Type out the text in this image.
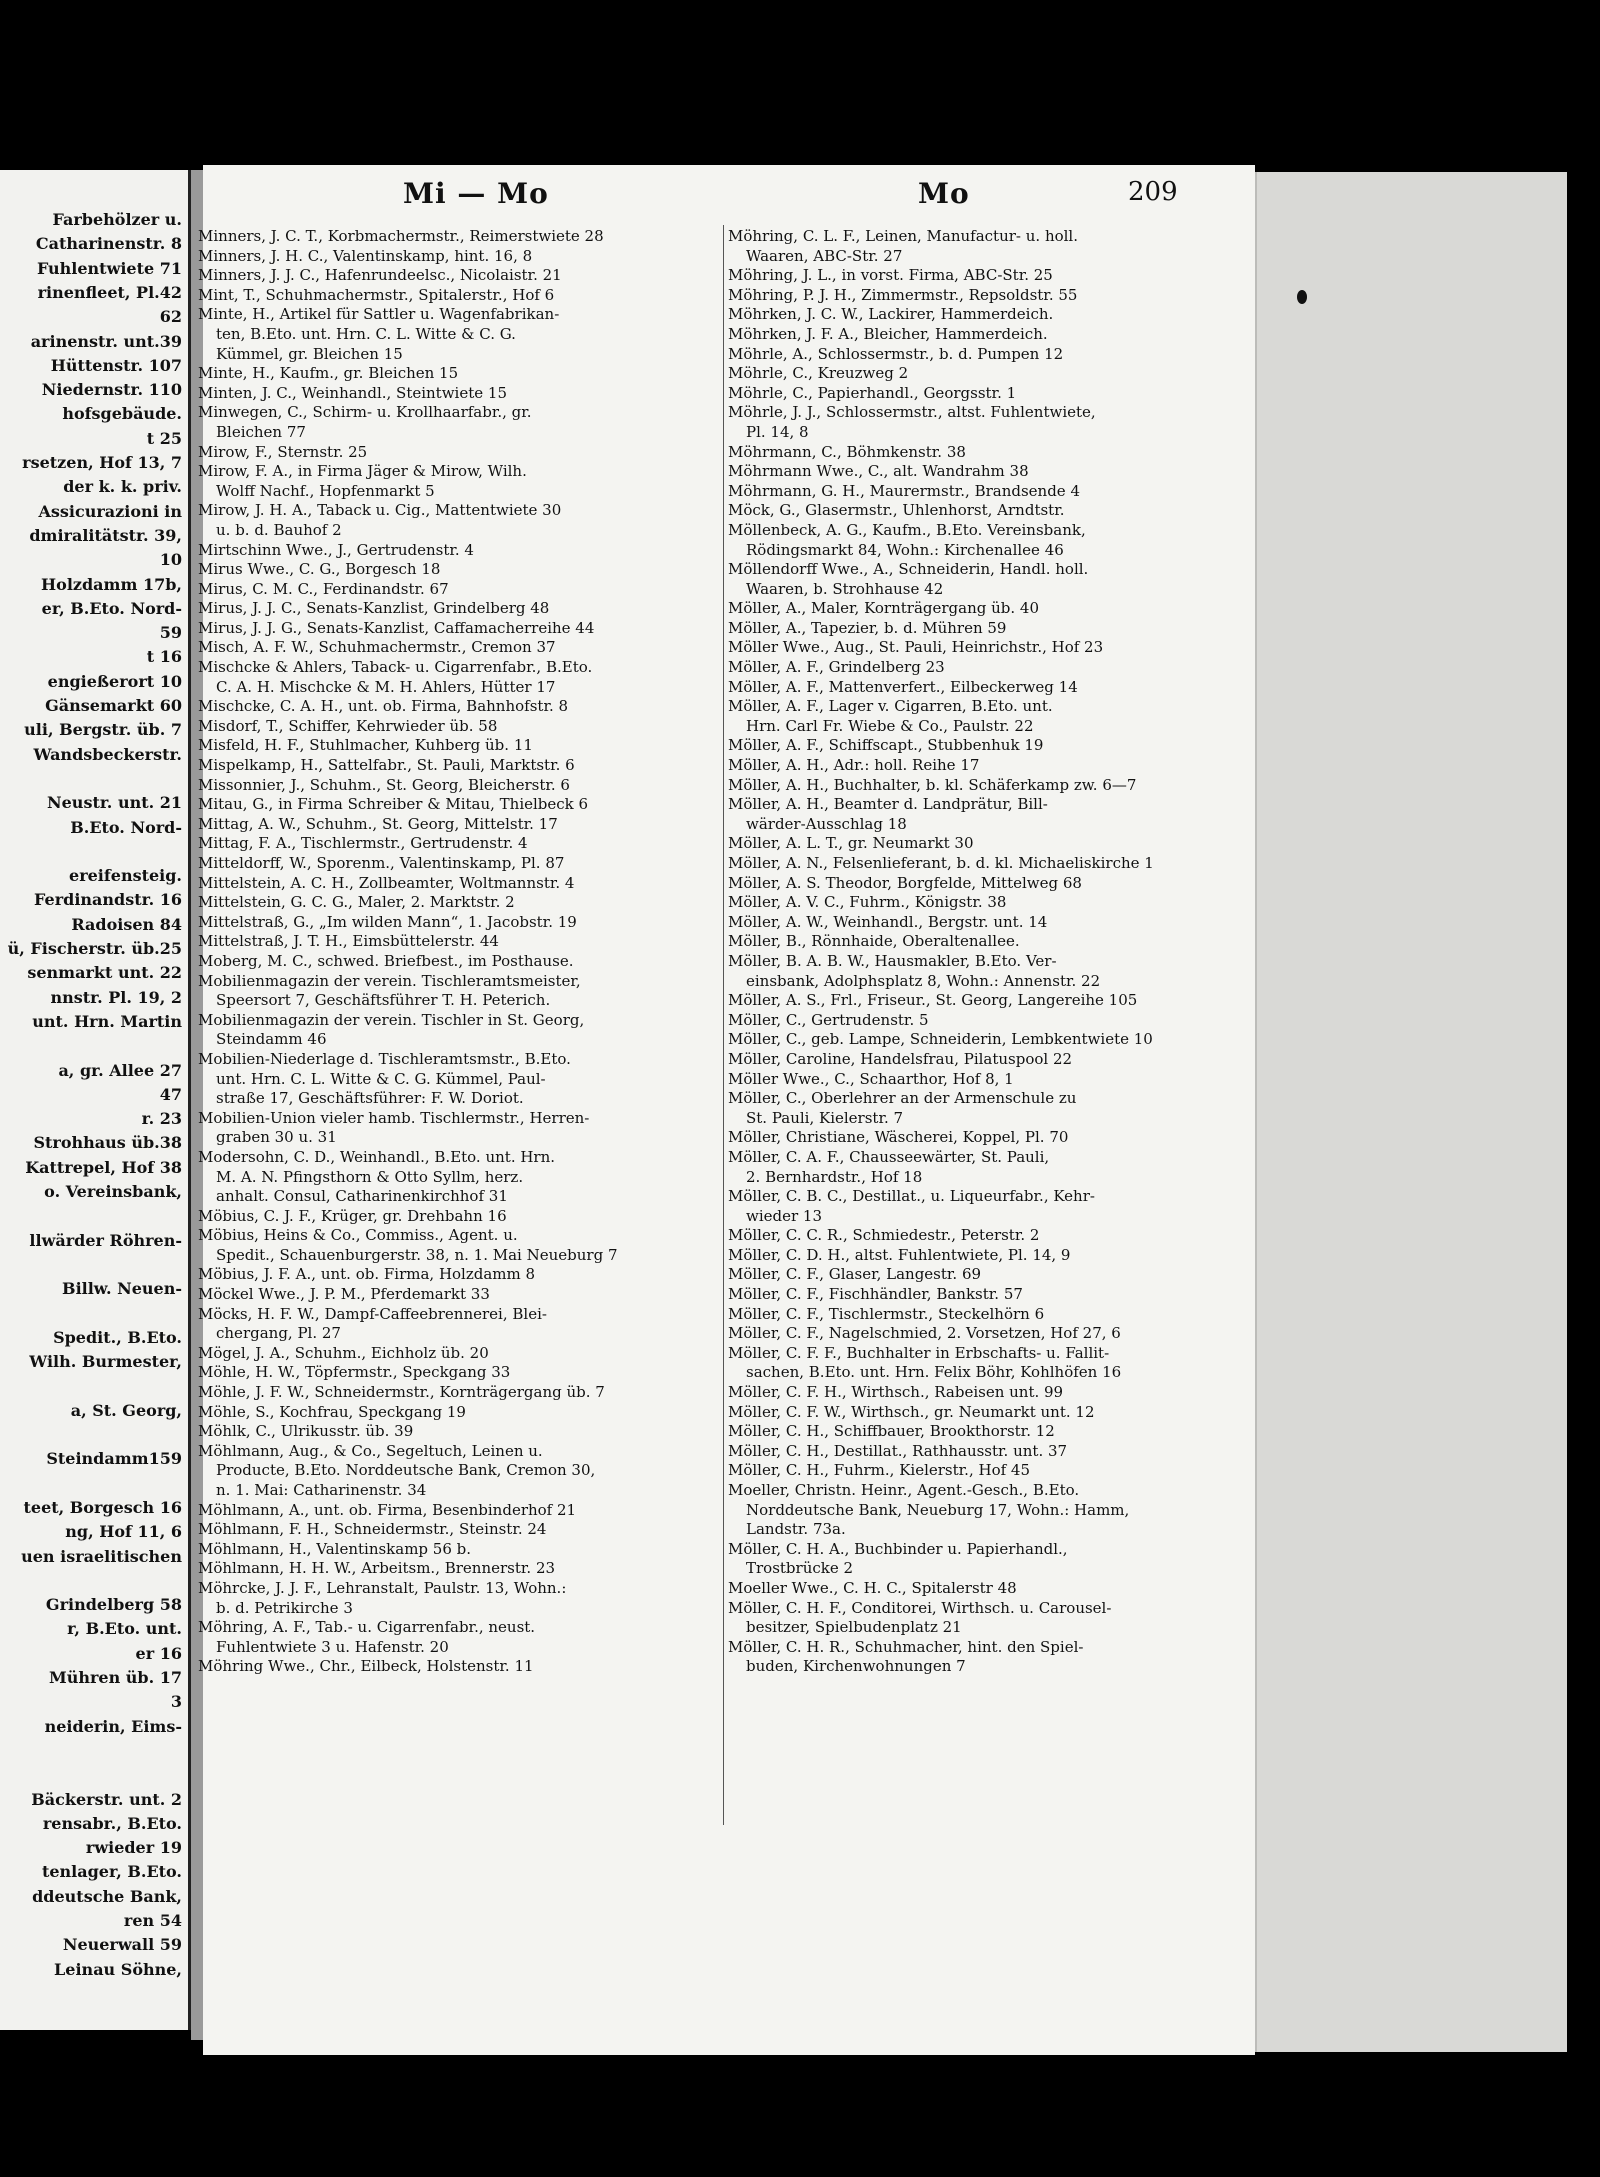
Farbehölzer u.
Catharinenstr. 8
Fuhlentwiete 71
rinenfleet, Pl.42
62
arinenstr. unt.39
Hüttenstr. 107
Niedernstr. 110
hofsgebäude.
t 25
rsetzen, Hof 13, 7
der k. k. priv.
Assicurazioni in
dmiralitätstr. 39,
10
Holzdamm 17b,
er, B.Eto. Nord-
59
t 16
engießerort 10
Gänsemarkt 60
uli, Bergstr. üb. 7
Wandsbeckerstr.
Neustr. unt. 21
B.Eto. Nord-
ereifensteig.
Ferdinandstr. 16
Radoisen 84
ü, Fischerstr. üb.25
senmarkt unt. 22
nnstr. Pl. 19, 2
unt. Hrn. Martin
a, gr. Allee 27
47
r. 23
Strohhaus üb.38
Kattrepel, Hof 38
o. Vereinsbank,
llwärder Röhren-
Billw. Neuen-
Spedit., B.Eto.
Wilh. Burmester,
a, St. Georg,
Steindamm159
teet, Borgesch 16
ng, Hof 11, 6
uen israelitischen
Grindelberg 58
r, B.Eto. unt.
er 16
Mühren üb. 17
3
neiderin, Eims-
Bäckerstr. unt. 2
rensabr., B.Eto.
rwieder 19
tenlager, B.Eto.
ddeutsche Bank,
ren 54
Neuerwall 59
Leinau Söhne,
Mi — Mo	Mo	209
Minners, J. C. T., Korbmachermstr., Reimerstwiete 28
Minners, J. H. C., Valentinskamp, hint. 16, 8
Minners, J. J. C., Hafenrundeelsc., Nicolaistr. 21
Mint, T., Schuhmachermstr., Spitalerstr., Hof 6
Minte, H., Artikel für Sattler u. Wagenfabrikan-
ten, B.Eto. unt. Hrn. C. L. Witte & C. G.
Kümmel, gr. Bleichen 15
Minte, H., Kaufm., gr. Bleichen 15
Minten, J. C., Weinhandl., Steintwiete 15
Minwegen, C., Schirm- u. Krollhaarfabr., gr.
Bleichen 77
Mirow, F., Sternstr. 25
Mirow, F. A., in Firma Jäger & Mirow, Wilh.
Wolff Nachf., Hopfenmarkt 5
Mirow, J. H. A., Taback u. Cig., Mattentwiete 30
u. b. d. Bauhof 2
Mirtschinn Wwe., J., Gertrudenstr. 4
Mirus Wwe., C. G., Borgesch 18
Mirus, C. M. C., Ferdinandstr. 67
Mirus, J. J. C., Senats-Kanzlist, Grindelberg 48
Mirus, J. J. G., Senats-Kanzlist, Caffamacherreihe 44
Misch, A. F. W., Schuhmachermstr., Cremon 37
Mischcke & Ahlers, Taback- u. Cigarrenfabr., B.Eto.
C. A. H. Mischcke & M. H. Ahlers, Hütter 17
Mischcke, C. A. H., unt. ob. Firma, Bahnhofstr. 8
Misdorf, T., Schiffer, Kehrwieder üb. 58
Misfeld, H. F., Stuhlmacher, Kuhberg üb. 11
Mispelkamp, H., Sattelfabr., St. Pauli, Marktstr. 6
Missonnier, J., Schuhm., St. Georg, Bleicherstr. 6
Mitau, G., in Firma Schreiber & Mitau, Thielbeck 6
Mittag, A. W., Schuhm., St. Georg, Mittelstr. 17
Mittag, F. A., Tischlermstr., Gertrudenstr. 4
Mitteldorff, W., Sporenm., Valentinskamp, Pl. 87
Mittelstein, A. C. H., Zollbeamter, Woltmannstr. 4
Mittelstein, G. C. G., Maler, 2. Marktstr. 2
Mittelstraß, G., „Im wilden Mann“, 1. Jacobstr. 19
Mittelstraß, J. T. H., Eimsbüttelerstr. 44
Moberg, M. C., schwed. Briefbest., im Posthause.
Mobilienmagazin der verein. Tischleramtsmeister,
Speersort 7, Geschäftsführer T. H. Peterich.
Mobilienmagazin der verein. Tischler in St. Georg,
Steindamm 46
Mobilien-Niederlage d. Tischleramtsmstr., B.Eto.
unt. Hrn. C. L. Witte & C. G. Kümmel, Paul-
straße 17, Geschäftsführer: F. W. Doriot.
Mobilien-Union vieler hamb. Tischlermstr., Herren-
graben 30 u. 31
Modersohn, C. D., Weinhandl., B.Eto. unt. Hrn.
M. A. N. Pfingsthorn & Otto Syllm, herz.
anhalt. Consul, Catharinenkirchhof 31
Möbius, C. J. F., Krüger, gr. Drehbahn 16
Möbius, Heins & Co., Commiss., Agent. u.
Spedit., Schauenburgerstr. 38, n. 1. Mai Neueburg 7
Möbius, J. F. A., unt. ob. Firma, Holzdamm 8
Möckel Wwe., J. P. M., Pferdemarkt 33
Möcks, H. F. W., Dampf-Caffeebrennerei, Blei-
chergang, Pl. 27
Mögel, J. A., Schuhm., Eichholz üb. 20
Möhle, H. W., Töpfermstr., Speckgang 33
Möhle, J. F. W., Schneidermstr., Kornträgergang üb. 7
Möhle, S., Kochfrau, Speckgang 19
Möhlk, C., Ulrikusstr. üb. 39
Möhlmann, Aug., & Co., Segeltuch, Leinen u.
Producte, B.Eto. Norddeutsche Bank, Cremon 30,
n. 1. Mai: Catharinenstr. 34
Möhlmann, A., unt. ob. Firma, Besenbinderhof 21
Möhlmann, F. H., Schneidermstr., Steinstr. 24
Möhlmann, H., Valentinskamp 56 b.
Möhlmann, H. H. W., Arbeitsm., Brennerstr. 23
Möhrcke, J. J. F., Lehranstalt, Paulstr. 13, Wohn.:
b. d. Petrikirche 3
Möhring, A. F., Tab.- u. Cigarrenfabr., neust.
Fuhlentwiete 3 u. Hafenstr. 20
Möhring Wwe., Chr., Eilbeck, Holstenstr. 11
Möhring, C. L. F., Leinen, Manufactur- u. holl.
Waaren, ABC-Str. 27
Möhring, J. L., in vorst. Firma, ABC-Str. 25
Möhring, P. J. H., Zimmermstr., Repsoldstr. 55
Möhrken, J. C. W., Lackirer, Hammerdeich.
Möhrken, J. F. A., Bleicher, Hammerdeich.
Möhrle, A., Schlossermstr., b. d. Pumpen 12
Möhrle, C., Kreuzweg 2
Möhrle, C., Papierhandl., Georgsstr. 1
Möhrle, J. J., Schlossermstr., altst. Fuhlentwiete,
Pl. 14, 8
Möhrmann, C., Böhmkenstr. 38
Möhrmann Wwe., C., alt. Wandrahm 38
Möhrmann, G. H., Maurermstr., Brandsende 4
Möck, G., Glasermstr., Uhlenhorst, Arndtstr.
Möllenbeck, A. G., Kaufm., B.Eto. Vereinsbank,
Rödingsmarkt 84, Wohn.: Kirchenallee 46
Möllendorff Wwe., A., Schneiderin, Handl. holl.
Waaren, b. Strohhause 42
Möller, A., Maler, Kornträgergang üb. 40
Möller, A., Tapezier, b. d. Mühren 59
Möller Wwe., Aug., St. Pauli, Heinrichstr., Hof 23
Möller, A. F., Grindelberg 23
Möller, A. F., Mattenverfert., Eilbeckerweg 14
Möller, A. F., Lager v. Cigarren, B.Eto. unt.
Hrn. Carl Fr. Wiebe & Co., Paulstr. 22
Möller, A. F., Schiffscapt., Stubbenhuk 19
Möller, A. H., Adr.: holl. Reihe 17
Möller, A. H., Buchhalter, b. kl. Schäferkamp zw. 6—7
Möller, A. H., Beamter d. Landprätur, Bill-
wärder-Ausschlag 18
Möller, A. L. T., gr. Neumarkt 30
Möller, A. N., Felsenlieferant, b. d. kl. Michaeliskirche 1
Möller, A. S. Theodor, Borgfelde, Mittelweg 68
Möller, A. V. C., Fuhrm., Königstr. 38
Möller, A. W., Weinhandl., Bergstr. unt. 14
Möller, B., Rönnhaide, Oberaltenallee.
Möller, B. A. B. W., Hausmakler, B.Eto. Ver-
einsbank, Adolphsplatz 8, Wohn.: Annenstr. 22
Möller, A. S., Frl., Friseur., St. Georg, Langereihe 105
Möller, C., Gertrudenstr. 5
Möller, C., geb. Lampe, Schneiderin, Lembkentwiete 10
Möller, Caroline, Handelsfrau, Pilatuspool 22
Möller Wwe., C., Schaarthor, Hof 8, 1
Möller, C., Oberlehrer an der Armenschule zu
St. Pauli, Kielerstr. 7
Möller, Christiane, Wäscherei, Koppel, Pl. 70
Möller, C. A. F., Chausseewärter, St. Pauli,
2. Bernhardstr., Hof 18
Möller, C. B. C., Destillat., u. Liqueurfabr., Kehr-
wieder 13
Möller, C. C. R., Schmiedestr., Peterstr. 2
Möller, C. D. H., altst. Fuhlentwiete, Pl. 14, 9
Möller, C. F., Glaser, Langestr. 69
Möller, C. F., Fischhändler, Bankstr. 57
Möller, C. F., Tischlermstr., Steckelhörn 6
Möller, C. F., Nagelschmied, 2. Vorsetzen, Hof 27, 6
Möller, C. F. F., Buchhalter in Erbschafts- u. Fallit-
sachen, B.Eto. unt. Hrn. Felix Böhr, Kohlhöfen 16
Möller, C. F. H., Wirthsch., Rabeisen unt. 99
Möller, C. F. W., Wirthsch., gr. Neumarkt unt. 12
Möller, C. H., Schiffbauer, Brookthorstr. 12
Möller, C. H., Destillat., Rathhausstr. unt. 37
Möller, C. H., Fuhrm., Kielerstr., Hof 45
Moeller, Christn. Heinr., Agent.-Gesch., B.Eto.
Norddeutsche Bank, Neueburg 17, Wohn.: Hamm,
Landstr. 73a.
Möller, C. H. A., Buchbinder u. Papierhandl.,
Trostbrücke 2
Moeller Wwe., C. H. C., Spitalerstr 48
Möller, C. H. F., Conditorei, Wirthsch. u. Carousel-
besitzer, Spielbudenplatz 21
Möller, C. H. R., Schuhmacher, hint. den Spiel-
buden, Kirchenwohnungen 7
